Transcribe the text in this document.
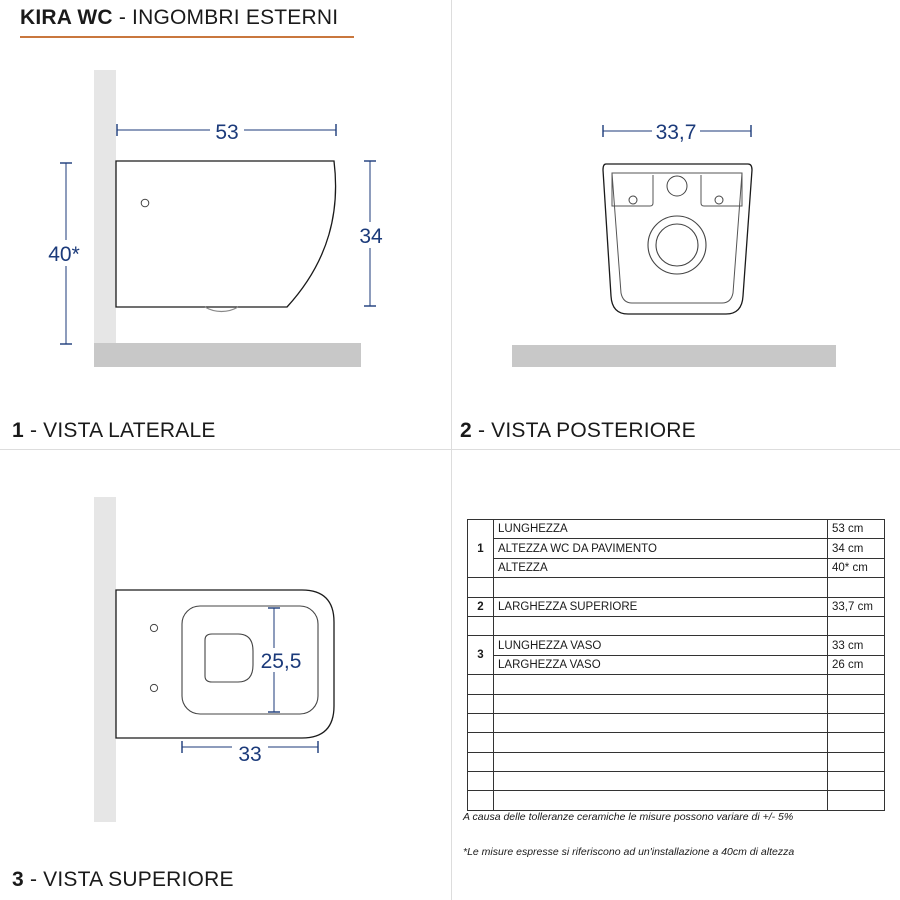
KIRA WC - INGOMBRI ESTERNI
53
34
40*
33,7
25,5
33
1 - VISTA LATERALE	2 - VISTA POSTERIORE
3 - VISTA SUPERIORE
1	LUNGHEZZA	53 cm
	ALTEZZA WC DA PAVIMENTO	34 cm
	ALTEZZA	40* cm

2	LARGHEZZA SUPERIORE	33,7 cm

3	LUNGHEZZA VASO	33 cm
	LARGHEZZA VASO	26 cm

A causa delle tolleranze ceramiche le misure possono variare di +/- 5%
*Le misure espresse si riferiscono ad un'installazione a 40cm di altezza
